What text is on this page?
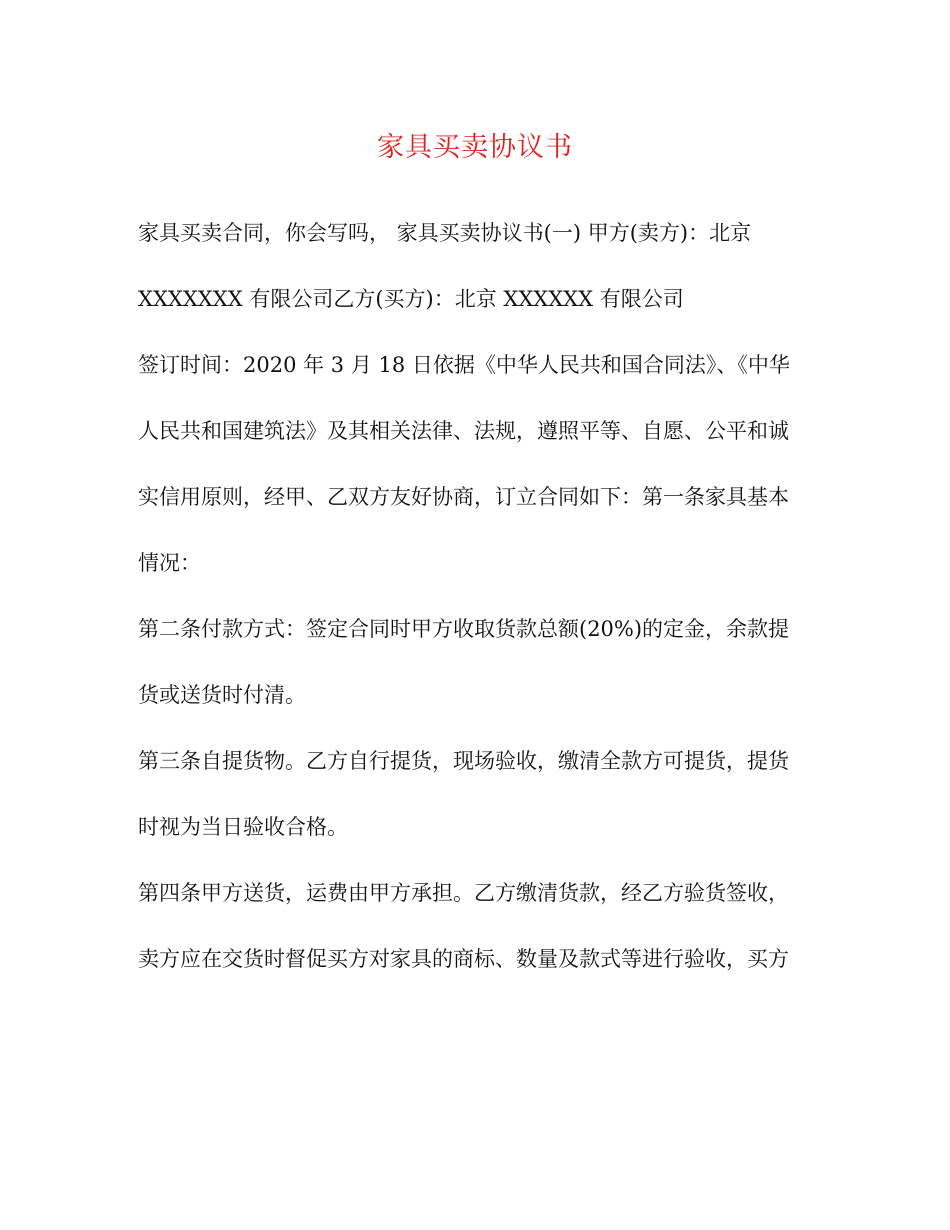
家具买卖协议书
家具买卖合同，你会写吗， 家具买卖协议书(一) 甲方(卖方)：北京
XXXXXXX 有限公司乙方(买方)：北京 XXXXXX 有限公司
签订时间：2020 年 3 月 18 日依据《中华人民共和国合同法》、《中华
人民共和国建筑法》及其相关法律、法规，遵照平等、自愿、公平和诚
实信用原则，经甲、乙双方友好协商，订立合同如下：第一条家具基本
情况：
第二条付款方式：签定合同时甲方收取货款总额(20%)的定金，余款提
货或送货时付清。
第三条自提货物。乙方自行提货，现场验收，缴清全款方可提货，提货
时视为当日验收合格。
第四条甲方送货，运费由甲方承担。乙方缴清货款，经乙方验货签收，
卖方应在交货时督促买方对家具的商标、数量及款式等进行验收，买方
